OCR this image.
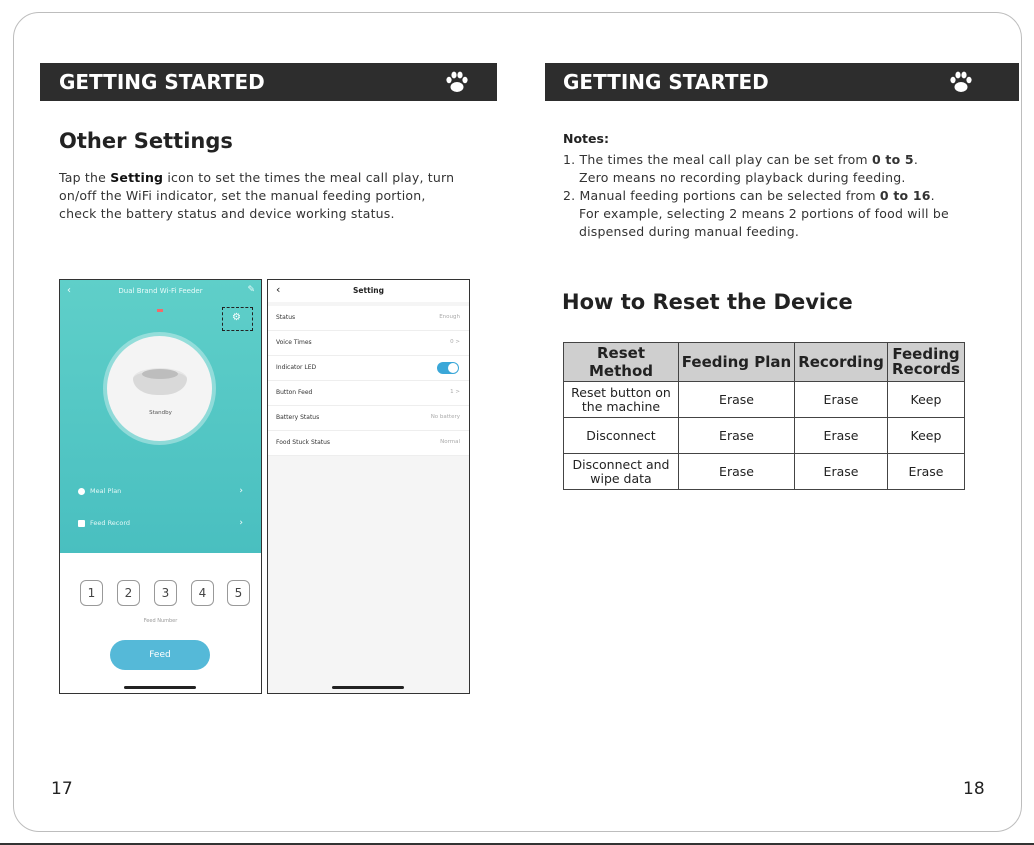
GETTING STARTED
Other Settings
Tap the Setting icon to set the times the meal call play, turn
on/off the WiFi indicator, set the manual feeding portion,
check the battery status and device working status.
‹	Dual Brand Wi-Fi Feeder	✎
⚙
Standby
Meal Plan	›
Feed Record	›
1	2	3	4	5
Feed Number
Feed
‹	Setting
Status	Enough
Voice Times	0 >
Indicator LED
Button Feed	1 >
Battery Status	No battery
Food Stuck Status	Normal
17
GETTING STARTED
Notes:
1. The times the meal call play can be set from 0 to 5.
Zero means no recording playback during feeding.
2. Manual feeding portions can be selected from 0 to 16.
For example, selecting 2 means 2 portions of food will be
dispensed during manual feeding.
How to Reset the Device
Reset Method	Feeding Plan	Recording	Feeding Records
Reset button on the machine	Erase	Erase	Keep
Disconnect	Erase	Erase	Keep
Disconnect and wipe data	Erase	Erase	Erase
18
